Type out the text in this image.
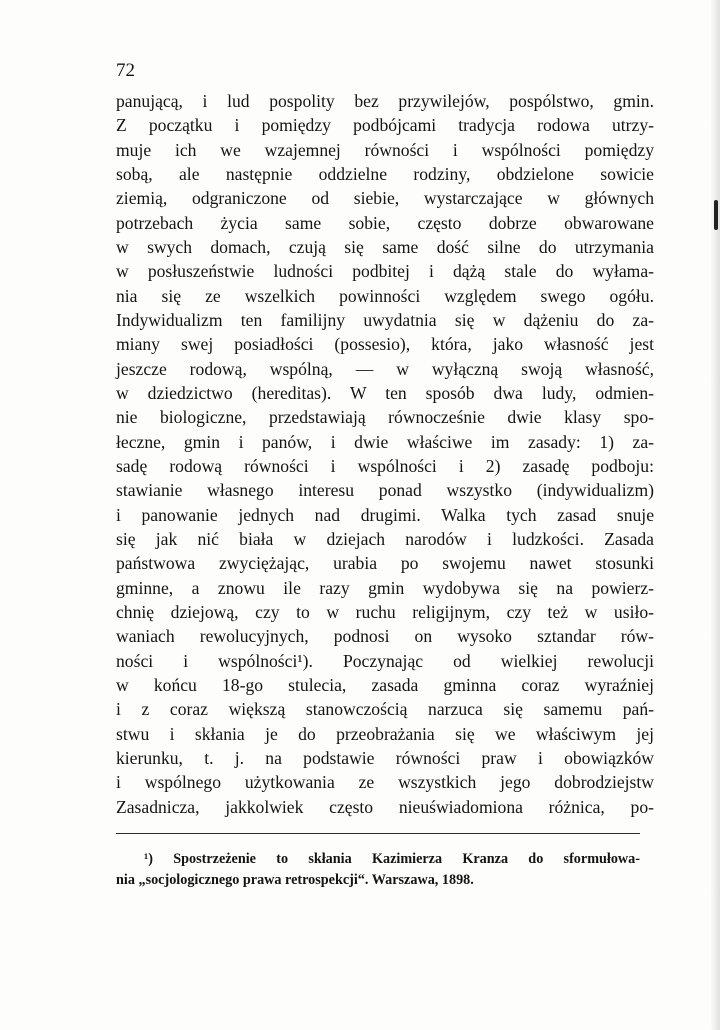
72
panującą, i lud pospolity bez przywilejów, pospólstwo, gmin.
Z początku i pomiędzy podbójcami tradycja rodowa utrzy-
muje ich we wzajemnej równości i wspólności pomiędzy
sobą, ale następnie oddzielne rodziny, obdzielone sowicie
ziemią, odgraniczone od siebie, wystarczające w głównych
potrzebach życia same sobie, często dobrze obwarowane
w swych domach, czują się same dość silne do utrzymania
w posłuszeństwie ludności podbitej i dążą stale do wyłama-
nia się ze wszelkich powinności względem swego ogółu.
Indywidualizm ten familijny uwydatnia się w dążeniu do za-
miany swej posiadłości (possesio), która, jako własność jest
jeszcze rodową, wspólną, — w wyłączną swoją własność,
w dziedzictwo (hereditas). W ten sposób dwa ludy, odmien-
nie biologiczne, przedstawiają równocześnie dwie klasy spo-
łeczne, gmin i panów, i dwie właściwe im zasady: 1) za-
sadę rodową równości i wspólności i 2) zasadę podboju:
stawianie własnego interesu ponad wszystko (indywidualizm)
i panowanie jednych nad drugimi. Walka tych zasad snuje
się jak nić biała w dziejach narodów i ludzkości. Zasada
państwowa zwyciężając, urabia po swojemu nawet stosunki
gminne, a znowu ile razy gmin wydobywa się na powierz-
chnię dziejową, czy to w ruchu religijnym, czy też w usiło-
waniach rewolucyjnych, podnosi on wysoko sztandar rów-
ności i wspólności¹). Poczynając od wielkiej rewolucji
w końcu 18-go stulecia, zasada gminna coraz wyraźniej
i z coraz większą stanowczością narzuca się samemu pań-
stwu i skłania je do przeobrażania się we właściwym jej
kierunku, t. j. na podstawie równości praw i obowiązków
i wspólnego użytkowania ze wszystkich jego dobrodziejstw
Zasadnicza, jakkolwiek często nieuświadomiona różnica, po-
¹) Spostrzeżenie to skłania Kazimierza Kranza do sformułowa-
nia „socjologicznego prawa retrospekcji“. Warszawa, 1898.
